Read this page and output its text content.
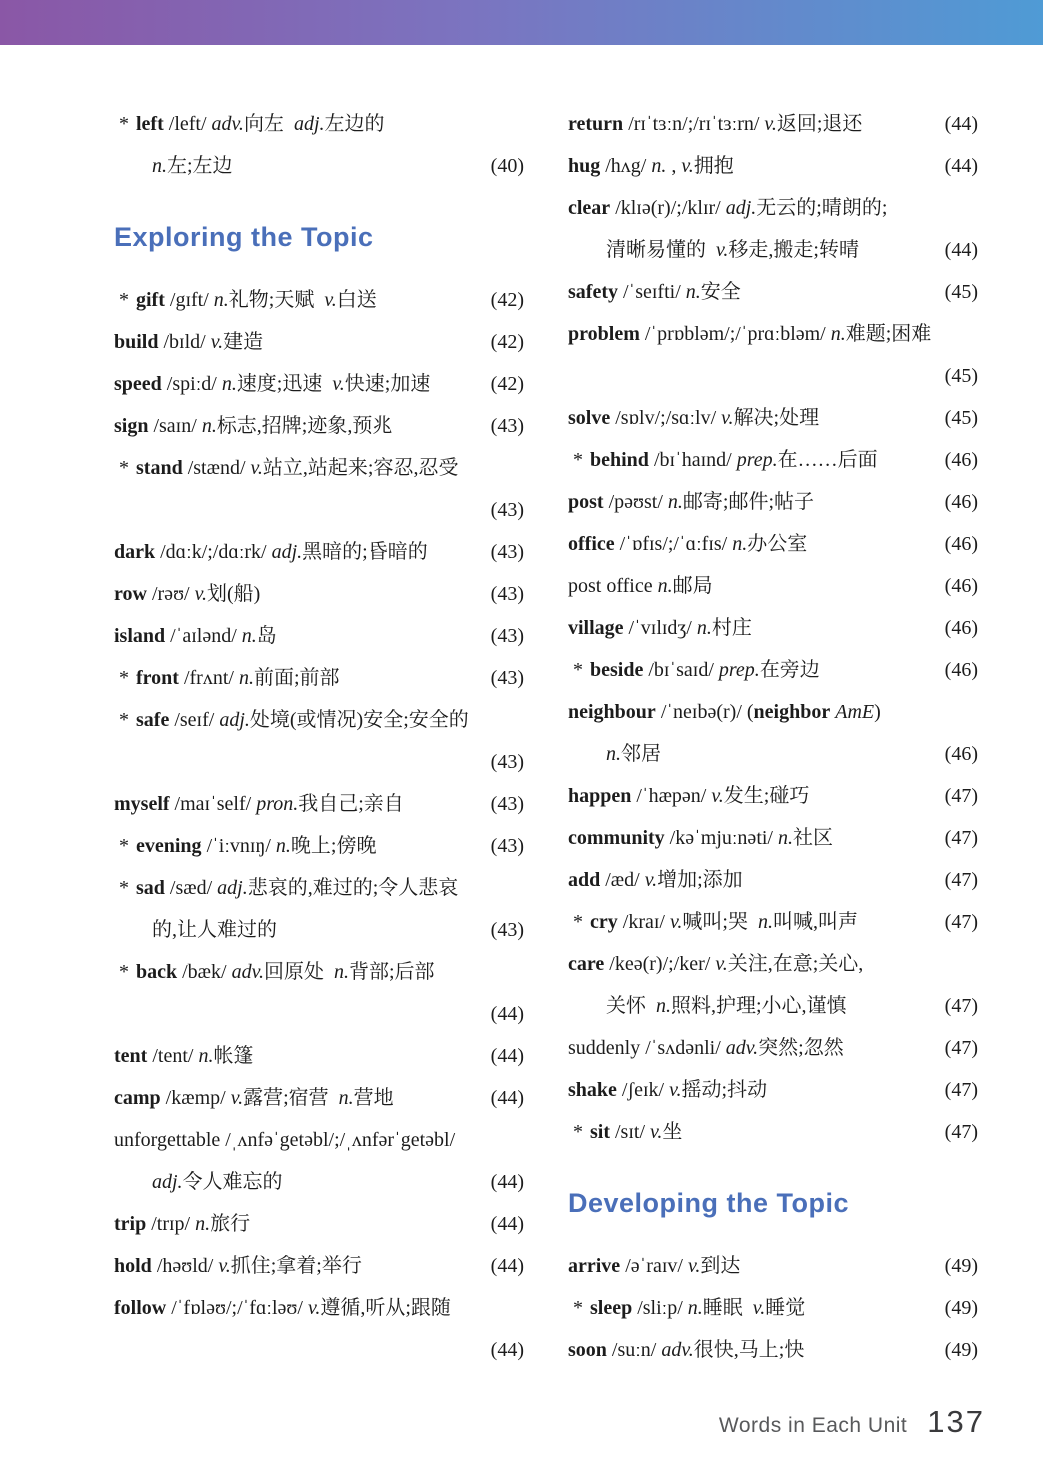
* left /left/ adv.向左  adj.左边的
n.左;左边	(40)
Exploring the Topic
* gift /gɪft/ n.礼物;天赋  v.白送	(42)
build /bɪld/ v.建造	(42)
speed /spiːd/ n.速度;迅速  v.快速;加速	(42)
sign /saɪn/ n.标志,招牌;迹象,预兆	(43)
* stand /stænd/ v.站立,站起来;容忍,忍受
(43)
dark /dɑːk/;/dɑːrk/ adj.黑暗的;昏暗的	(43)
row /rəʊ/ v.划(船)	(43)
island /ˈaɪlənd/ n.岛	(43)
* front /frʌnt/ n.前面;前部	(43)
* safe /seɪf/ adj.处境(或情况)安全;安全的
(43)
myself /maɪˈself/ pron.我自己;亲自	(43)
* evening /ˈiːvnɪŋ/ n.晚上;傍晚	(43)
* sad /sæd/ adj.悲哀的,难过的;令人悲哀
的,让人难过的	(43)
* back /bæk/ adv.回原处  n.背部;后部
(44)
tent /tent/ n.帐篷	(44)
camp /kæmp/ v.露营;宿营  n.营地	(44)
unforgettable /ˌʌnfəˈgetəbl/;/ˌʌnfərˈgetəbl/
adj.令人难忘的	(44)
trip /trɪp/ n.旅行	(44)
hold /həʊld/ v.抓住;拿着;举行	(44)
follow /ˈfɒləʊ/;/ˈfɑːləʊ/ v.遵循,听从;跟随
(44)
return /rɪˈtɜːn/;/rɪˈtɜːrn/ v.返回;退还	(44)
hug /hʌg/ n. , v.拥抱	(44)
clear /klɪə(r)/;/klɪr/ adj.无云的;晴朗的;
清晰易懂的  v.移走,搬走;转晴	(44)
safety /ˈseɪfti/ n.安全	(45)
problem /ˈprɒbləm/;/ˈprɑːbləm/ n.难题;困难
(45)
solve /sɒlv/;/sɑːlv/ v.解决;处理	(45)
* behind /bɪˈhaɪnd/ prep.在……后面	(46)
post /pəʊst/ n.邮寄;邮件;帖子	(46)
office /ˈɒfɪs/;/ˈɑːfɪs/ n.办公室	(46)
post office n.邮局	(46)
village /ˈvɪlɪdʒ/ n.村庄	(46)
* beside /bɪˈsaɪd/ prep.在旁边	(46)
neighbour /ˈneɪbə(r)/ (neighbor AmE)
n.邻居	(46)
happen /ˈhæpən/ v.发生;碰巧	(47)
community /kəˈmjuːnəti/ n.社区	(47)
add /æd/ v.增加;添加	(47)
* cry /kraɪ/ v.喊叫;哭  n.叫喊,叫声	(47)
care /keə(r)/;/ker/ v.关注,在意;关心,
关怀  n.照料,护理;小心,谨慎	(47)
suddenly /ˈsʌdənli/ adv.突然;忽然	(47)
shake /ʃeɪk/ v.摇动;抖动	(47)
* sit /sɪt/ v.坐	(47)
Developing the Topic
arrive /əˈraɪv/ v.到达	(49)
* sleep /sliːp/ n.睡眠  v.睡觉	(49)
soon /suːn/ adv.很快,马上;快	(49)
Words in Each Unit 137
